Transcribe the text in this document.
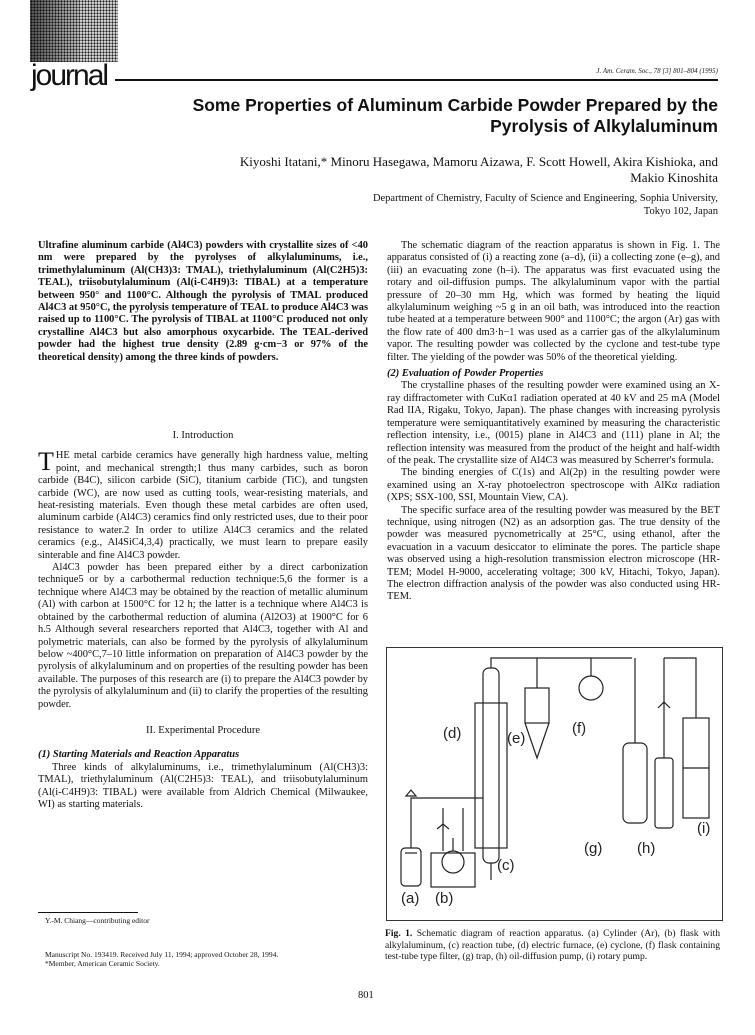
journal	J. Am. Ceram. Soc., 78 [3] 801–804 (1995)
Some Properties of Aluminum Carbide Powder Prepared by the
Pyrolysis of Alkylaluminum
Kiyoshi Itatani,* Minoru Hasegawa, Mamoru Aizawa, F. Scott Howell, Akira Kishioka, and
Makio Kinoshita
Department of Chemistry, Faculty of Science and Engineering, Sophia University,
Tokyo 102, Japan
Ultrafine aluminum carbide (Al4C3) powders with crystallite sizes of <40 nm were prepared by the pyrolyses of alkylaluminums, i.e., trimethylaluminum (Al(CH3)3: TMAL), triethylaluminum (Al(C2H5)3: TEAL), triisobutylaluminum (Al(i-C4H9)3: TIBAL) at a temperature between 950° and 1100°C. Although the pyrolysis of TMAL produced Al4C3 at 950°C, the pyrolysis temperature of TEAL to produce Al4C3 was raised up to 1100°C. The pyrolysis of TIBAL at 1100°C produced not only crystalline Al4C3 but also amorphous oxycarbide. The TEAL-derived powder had the highest true density (2.89 g·cm−3 or 97% of the theoretical density) among the three kinds of powders.
I. Introduction

THE metal carbide ceramics have generally high hardness value, melting point, and mechanical strength;1 thus many carbides, such as boron carbide (B4C), silicon carbide (SiC), titanium carbide (TiC), and tungsten carbide (WC), are now used as cutting tools, wear-resisting materials, and heat-resisting materials. Even though these metal carbides are often used, aluminum carbide (Al4C3) ceramics find only restricted uses, due to their poor resistance to water.2 In order to utilize Al4C3 ceramics and the related ceramics (e.g., Al4SiC4,3,4) practically, we must learn to prepare easily sinterable and fine Al4C3 powder.

Al4C3 powder has been prepared either by a direct carbonization technique5 or by a carbothermal reduction technique:5,6 the former is a technique where Al4C3 may be obtained by the reaction of metallic aluminum (Al) with carbon at 1500°C for 12 h; the latter is a technique where Al4C3 is obtained by the carbothermal reduction of alumina (Al2O3) at 1900°C for 6 h.5 Although several researchers reported that Al4C3, together with Al and polymetric materials, can also be formed by the pyrolysis of alkylaluminum below ~400°C,7–10 little information on preparation of Al4C3 powder by the pyrolysis of alkylaluminum and on properties of the resulting powder has been available. The purposes of this research are (i) to prepare the Al4C3 powder by the pyrolysis of alkylaluminum and (ii) to clarify the properties of the resulting powder.

II. Experimental Procedure
(1) Starting Materials and Reaction Apparatus

Three kinds of alkylaluminums, i.e., trimethylaluminum (Al(CH3)3: TMAL), triethylaluminum (Al(C2H5)3: TEAL), and triisobutylaluminum (Al(i-C4H9)3: TIBAL) were available from Aldrich Chemical (Milwaukee, WI) as starting materials.

Y.-M. Chiang—contributing editor
Manuscript No. 193419. Received July 11, 1994; approved October 28, 1994.
*Member, American Ceramic Society.
801

The schematic diagram of the reaction apparatus is shown in Fig. 1. The apparatus consisted of (i) a reacting zone (a–d), (ii) a collecting zone (e–g), and (iii) an evacuating zone (h–i). The apparatus was first evacuated using the rotary and oil-diffusion pumps. The alkylaluminum vapor with the partial pressure of 20–30 mm Hg, which was formed by heating the liquid alkylaluminum weighing ~5 g in an oil bath, was introduced into the reaction tube heated at a temperature between 900° and 1100°C; the argon (Ar) gas with the flow rate of 400 dm3·h−1 was used as a carrier gas of the alkylaluminum vapor. The resulting powder was collected by the cyclone and test-tube type filter. The yielding of the powder was 50% of the theoretical yielding.

(2) Evaluation of Powder Properties

The crystalline phases of the resulting powder were examined using an X-ray diffractometer with CuKα1 radiation operated at 40 kV and 25 mA (Model Rad IIA, Rigaku, Tokyo, Japan). The phase changes with increasing pyrolysis temperature were semiquantitatively examined by measuring the characteristic reflection intensity, i.e., (0015) plane in Al4C3 and (111) plane in Al; the reflection intensity was measured from the product of the height and half-width of the peak. The crystallite size of Al4C3 was measured by Scherrer's formula.

The binding energies of C(1s) and Al(2p) in the resulting powder were examined using an X-ray photoelectron spectroscope with AlKα radiation (XPS; SSX-100, SSI, Mountain View, CA).

The specific surface area of the resulting powder was measured by the BET technique, using nitrogen (N2) as an adsorption gas. The true density of the powder was measured pycnometrically at 25°C, using ethanol, after the evacuation in a vacuum desiccator to eliminate the pores. The particle shape was observed using a high-resolution transmission electron microscope (HR-TEM; Model H-9000, accelerating voltage; 300 kV, Hitachi, Tokyo, Japan). The electron diffraction analysis of the powder was also conducted using HR-TEM.

(a) (b)
(c)
(d)	(e)
(f)
(g) (h)
(i)
Fig. 1. Schematic diagram of reaction apparatus. (a) Cylinder (Ar), (b) flask with alkylaluminum, (c) reaction tube, (d) electric furnace, (e) cyclone, (f) flask containing test-tube type filter, (g) trap, (h) oil-diffusion pump, (i) rotary pump.
